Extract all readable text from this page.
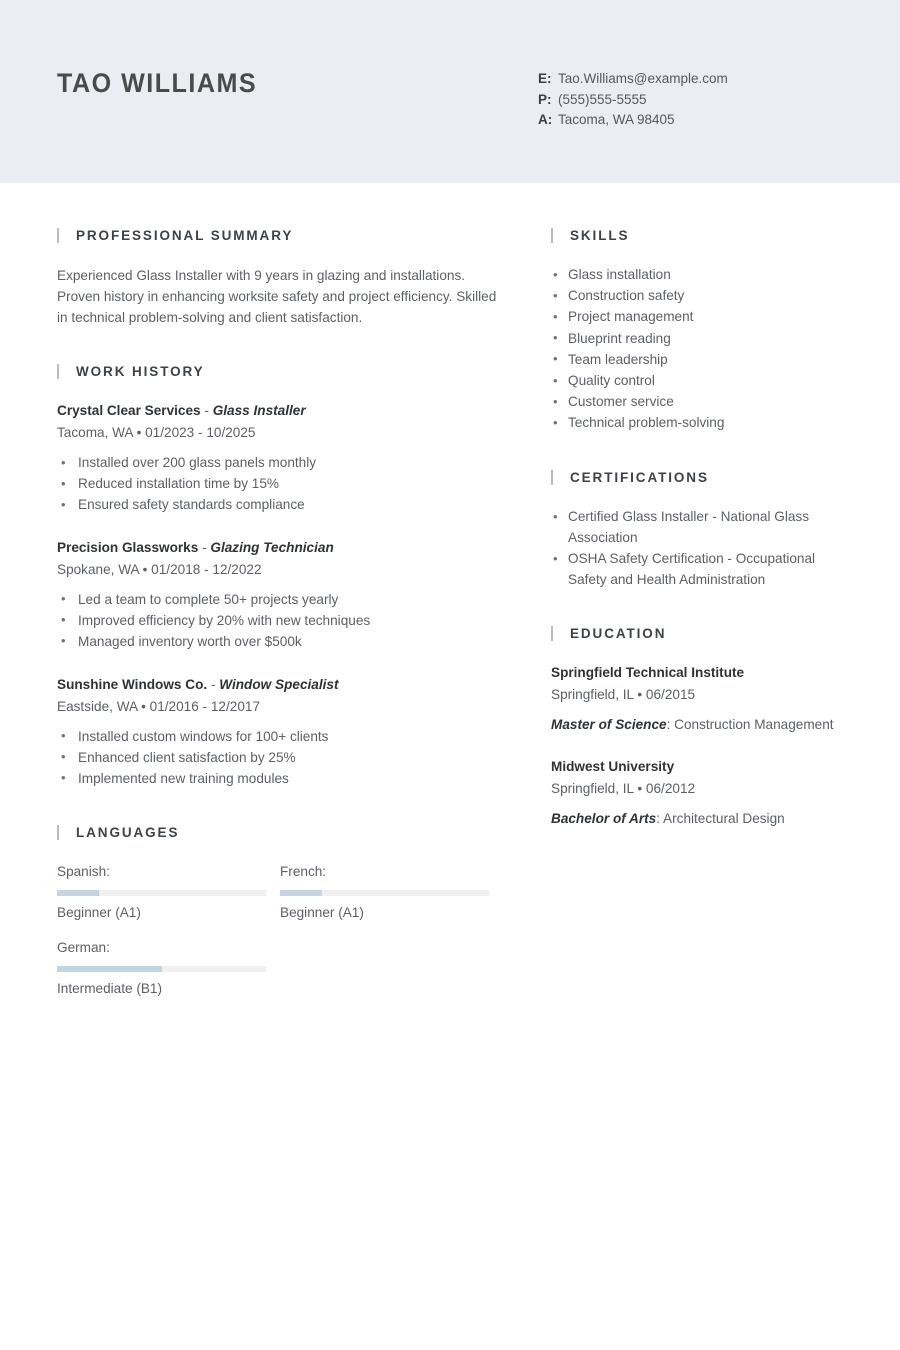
TAO WILLIAMS	E: Tao.Williams@example.com
P: (555)555-5555
A: Tacoma, WA 98405
PROFESSIONAL SUMMARY
Experienced Glass Installer with 9 years in glazing and installations. Proven history in enhancing worksite safety and project efficiency. Skilled in technical problem-solving and client satisfaction.
WORK HISTORY
Crystal Clear Services - Glass Installer
Tacoma, WA • 01/2023 - 10/2025
• Installed over 200 glass panels monthly
• Reduced installation time by 15%
• Ensured safety standards compliance
Precision Glassworks - Glazing Technician
Spokane, WA • 01/2018 - 12/2022
• Led a team to complete 50+ projects yearly
• Improved efficiency by 20% with new techniques
• Managed inventory worth over $500k
Sunshine Windows Co. - Window Specialist
Eastside, WA • 01/2016 - 12/2017
• Installed custom windows for 100+ clients
• Enhanced client satisfaction by 25%
• Implemented new training modules
LANGUAGES
Spanish:
Beginner (A1)
French:
Beginner (A1)
German:
Intermediate (B1)
SKILLS
• Glass installation
• Construction safety
• Project management
• Blueprint reading
• Team leadership
• Quality control
• Customer service
• Technical problem-solving
CERTIFICATIONS
• Certified Glass Installer - National Glass Association
• OSHA Safety Certification - Occupational Safety and Health Administration
EDUCATION
Springfield Technical Institute
Springfield, IL • 06/2015
Master of Science: Construction Management
Midwest University
Springfield, IL • 06/2012
Bachelor of Arts: Architectural Design
